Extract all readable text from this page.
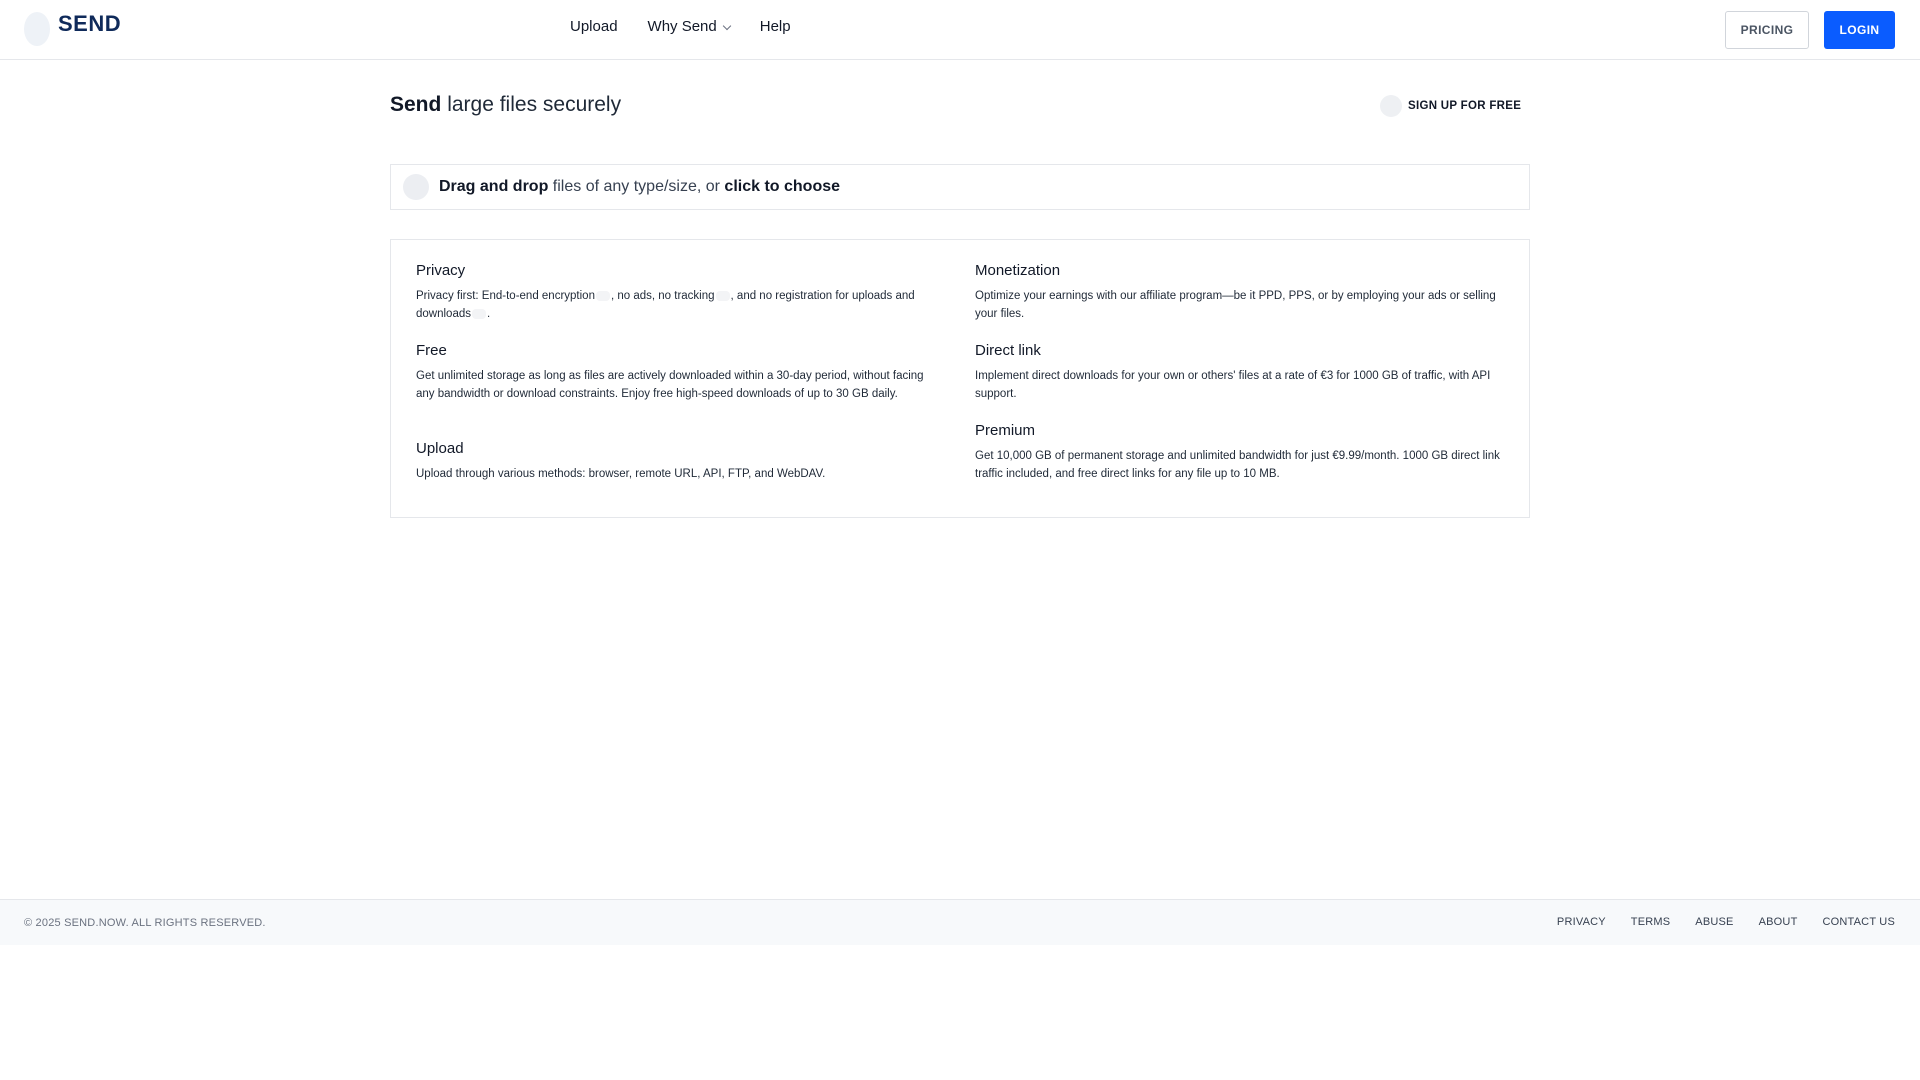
SEND	Upload Why Send	Help	PRICING	LOGIN
Send large files securely	SIGN UP FOR FREE
Drag and drop files of any type/size, or click to choose
Privacy
Privacy first: End-to-end encryption , no ads, no tracking , and no registration for uploads and downloads .
Free
Get unlimited storage as long as files are actively downloaded within a 30-day period, without facing any bandwidth or download constraints. Enjoy free high-speed downloads of up to 30 GB daily.
Upload
Upload through various methods: browser, remote URL, API, FTP, and WebDAV.
Monetization
Optimize your earnings with our affiliate program—be it PPD, PPS, or by employing your ads or selling your files.
Direct link
Implement direct downloads for your own or others' files at a rate of €3 for 1000 GB of traffic, with API support.
Premium
Get 10,000 GB of permanent storage and unlimited bandwidth for just €9.99/month. 1000 GB direct link traffic included, and free direct links for any file up to 10 MB.
© 2025 SEND.NOW. ALL RIGHTS RESERVED.	PRIVACY TERMS ABUSE ABOUT CONTACT US
